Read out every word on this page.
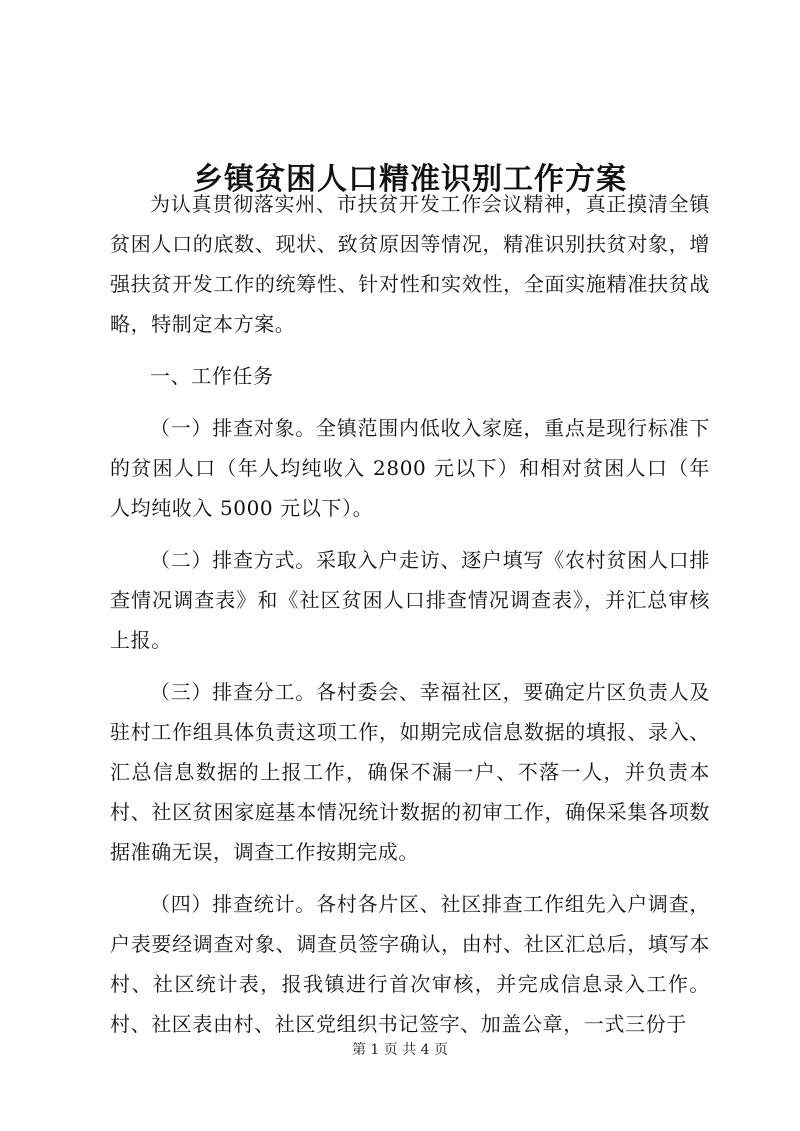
乡镇贫困人口精准识别工作方案

为认真贯彻落实州、市扶贫开发工作会议精神，真正摸清全镇贫困人口的底数、现状、致贫原因等情况，精准识别扶贫对象，增强扶贫开发工作的统筹性、针对性和实效性，全面实施精准扶贫战略，特制定本方案。

一、工作任务

（一）排查对象。全镇范围内低收入家庭，重点是现行标准下的贫困人口（年人均纯收入 2800 元以下）和相对贫困人口（年人均纯收入 5000 元以下）。

（二）排查方式。采取入户走访、逐户填写《农村贫困人口排查情况调查表》和《社区贫困人口排查情况调查表》，并汇总审核上报。

（三）排查分工。各村委会、幸福社区，要确定片区负责人及驻村工作组具体负责这项工作，如期完成信息数据的填报、录入、汇总信息数据的上报工作，确保不漏一户、不落一人，并负责本村、社区贫困家庭基本情况统计数据的初审工作，确保采集各项数据准确无误，调查工作按期完成。

（四）排查统计。各村各片区、社区排查工作组先入户调查，户表要经调查对象、调查员签字确认，由村、社区汇总后，填写本村、社区统计表，报我镇进行首次审核，并完成信息录入工作。村、社区表由村、社区党组织书记签字、加盖公章，一式三份于

第 1 页 共 4 页
